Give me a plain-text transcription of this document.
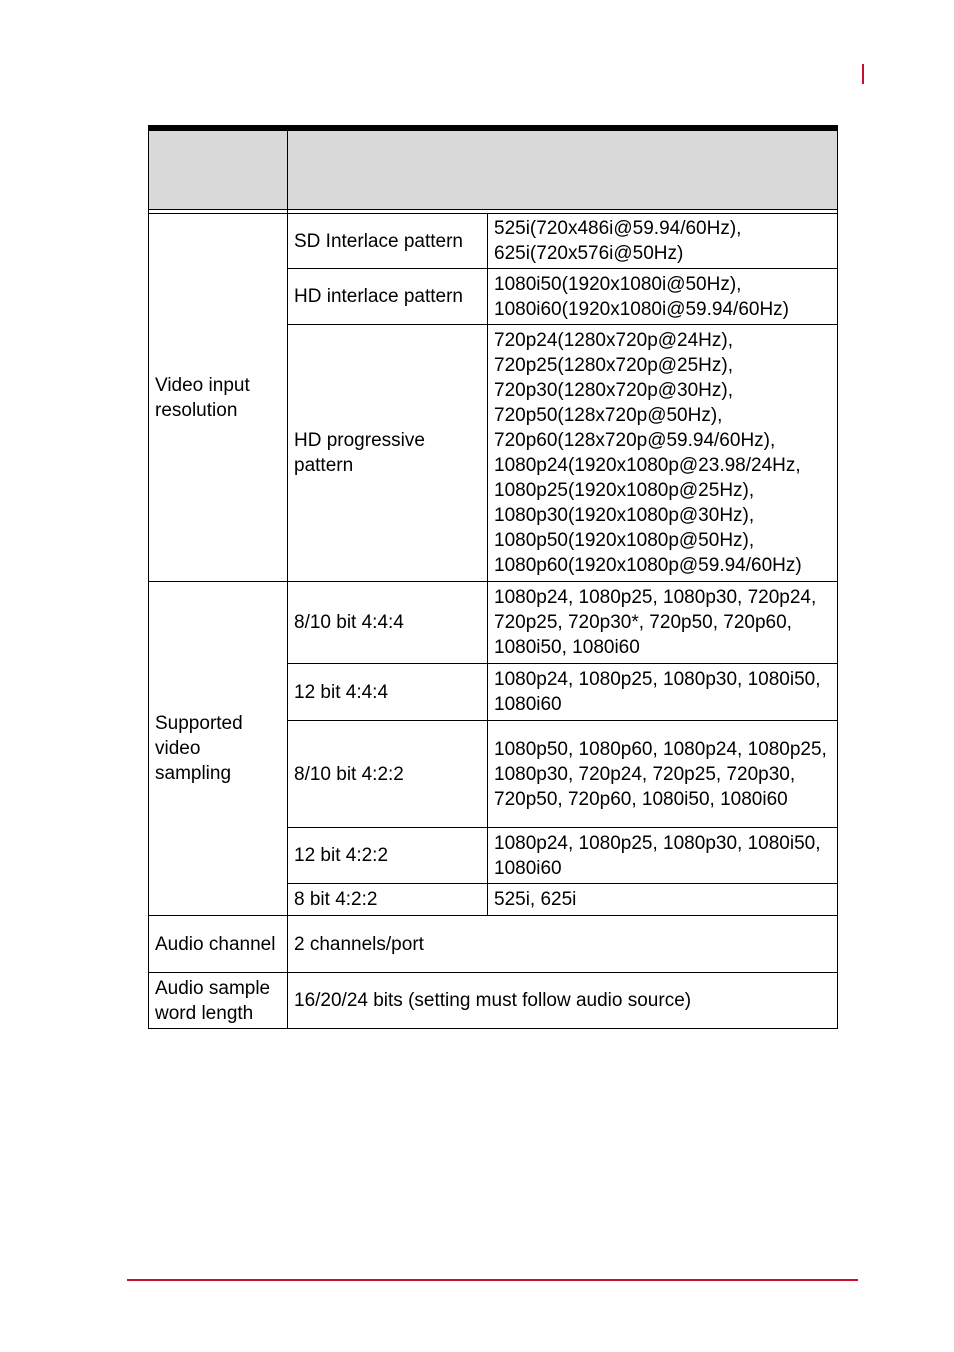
Video input resolution	SD Interlace pattern	525i(720x486i@59.94/60Hz), 625i(720x576i@50Hz)
	HD interlace pattern	1080i50(1920x1080i@50Hz), 1080i60(1920x1080i@59.94/60Hz)
	HD progressive pattern	720p24(1280x720p@24Hz), 720p25(1280x720p@25Hz), 720p30(1280x720p@30Hz), 720p50(128x720p@50Hz), 720p60(128x720p@59.94/60Hz), 1080p24(1920x1080p@23.98/24Hz, 1080p25(1920x1080p@25Hz), 1080p30(1920x1080p@30Hz), 1080p50(1920x1080p@50Hz), 1080p60(1920x1080p@59.94/60Hz)
Supported video sampling	8/10 bit 4:4:4	1080p24, 1080p25, 1080p30, 720p24, 720p25, 720p30*, 720p50, 720p60, 1080i50, 1080i60
	12 bit 4:4:4	1080p24, 1080p25, 1080p30, 1080i50, 1080i60
	8/10 bit 4:2:2	1080p50, 1080p60, 1080p24, 1080p25, 1080p30, 720p24, 720p25, 720p30, 720p50, 720p60, 1080i50, 1080i60
	12 bit 4:2:2	1080p24, 1080p25, 1080p30, 1080i50, 1080i60
	8 bit 4:2:2	525i, 625i
Audio channel	2 channels/port	
Audio sample word length	16/20/24 bits (setting must follow audio source)	
